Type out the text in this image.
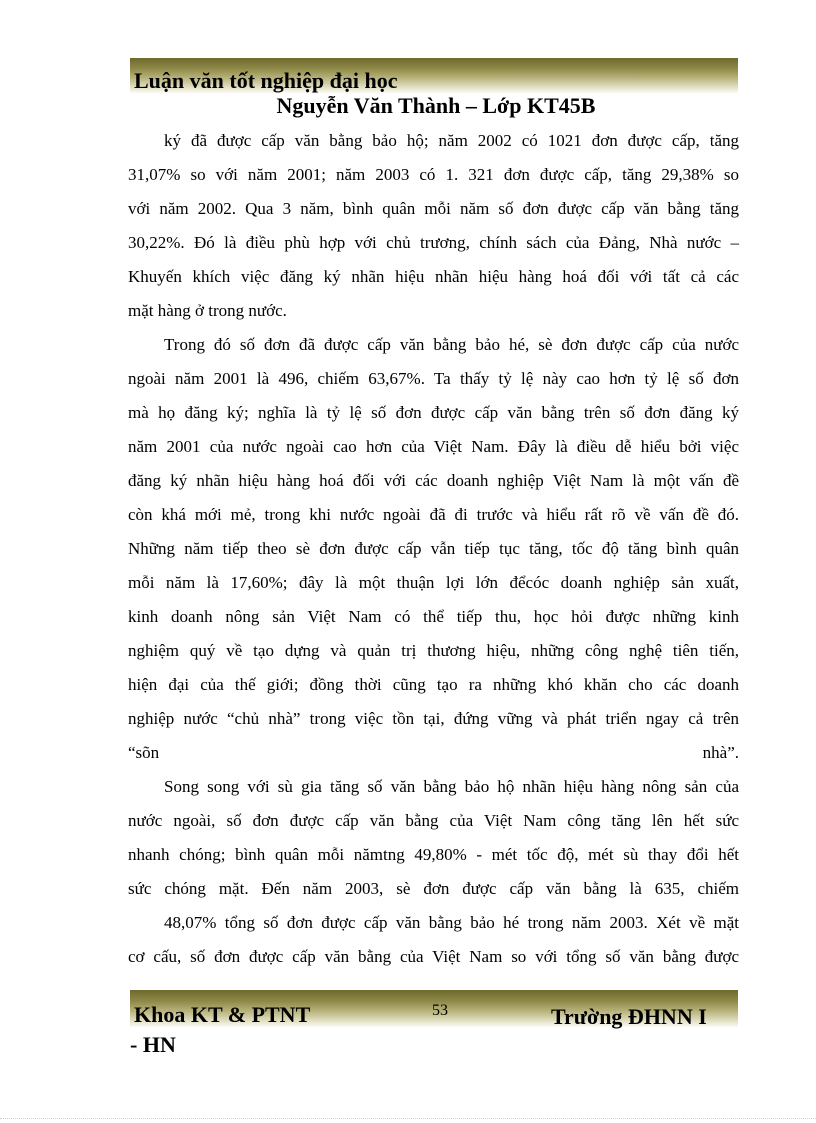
Luận văn tốt nghiệp đại học
Nguyễn Văn Thành – Lớp KT45B
ký đã được cấp văn bằng bảo hộ; năm 2002 có 1021 đơn được cấp, tăng
31,07% so với năm 2001; năm 2003 có 1. 321 đơn được cấp, tăng 29,38% so
với năm 2002. Qua 3 năm, bình quân mỗi năm số đơn được cấp văn bằng tăng
30,22%. Đó là điều phù hợp với chủ trương, chính sách của Đảng, Nhà nước –
Khuyến khích việc đăng ký nhãn hiệu nhãn hiệu hàng hoá đối với tất cả các
mặt hàng ở trong nước.
Trong đó số đơn đã được cấp văn bằng bảo hé, sè đơn được cấp của nước
ngoài năm 2001 là 496, chiếm 63,67%. Ta thấy tỷ lệ này cao hơn tỷ lệ số đơn
mà họ đăng ký; nghĩa là tỷ lệ số đơn được cấp văn bằng trên số đơn đăng ký
năm 2001 của nước ngoài cao hơn của Việt Nam. Đây là điều dễ hiểu bởi việc
đăng ký nhãn hiệu hàng hoá đối với các doanh nghiệp Việt Nam là một vấn đề
còn khá mới mẻ, trong khi nước ngoài đã đi trước và hiểu rất rõ về vấn đề đó.
Những năm tiếp theo sè đơn được cấp vẫn tiếp tục tăng, tốc độ tăng bình quân
mỗi năm là 17,60%; đây là một thuận lợi lớn đểcóc doanh nghiệp sản xuất,
kinh doanh nông sản Việt Nam có thể tiếp thu, học hỏi được những kinh
nghiệm quý về tạo dựng và quản trị thương hiệu, những công nghệ tiên tiến,
hiện đại của thế giới; đồng thời cũng tạo ra những khó khăn cho các doanh
nghiệp nước “chủ nhà” trong việc tồn tại, đứng vững và phát triển ngay cả trên
“sõn nhà”.
Song song với sù gia tăng số văn bằng bảo hộ nhãn hiệu hàng nông sản của
nước ngoài, số đơn được cấp văn bằng của Việt Nam công tăng lên hết sức
nhanh chóng; bình quân mỗi nămtng 49,80% - mét tốc độ, mét sù thay đổi hết
sức chóng mặt. Đến năm 2003, sè đơn được cấp văn bằng là 635, chiếm
48,07% tổng số đơn được cấp văn bằng bảo hé trong năm 2003. Xét về mặt
cơ cấu, số đơn được cấp văn bằng của Việt Nam so với tổng số văn bằng được
Khoa KT & PTNT	53	Trường ĐHNN I
- HN
